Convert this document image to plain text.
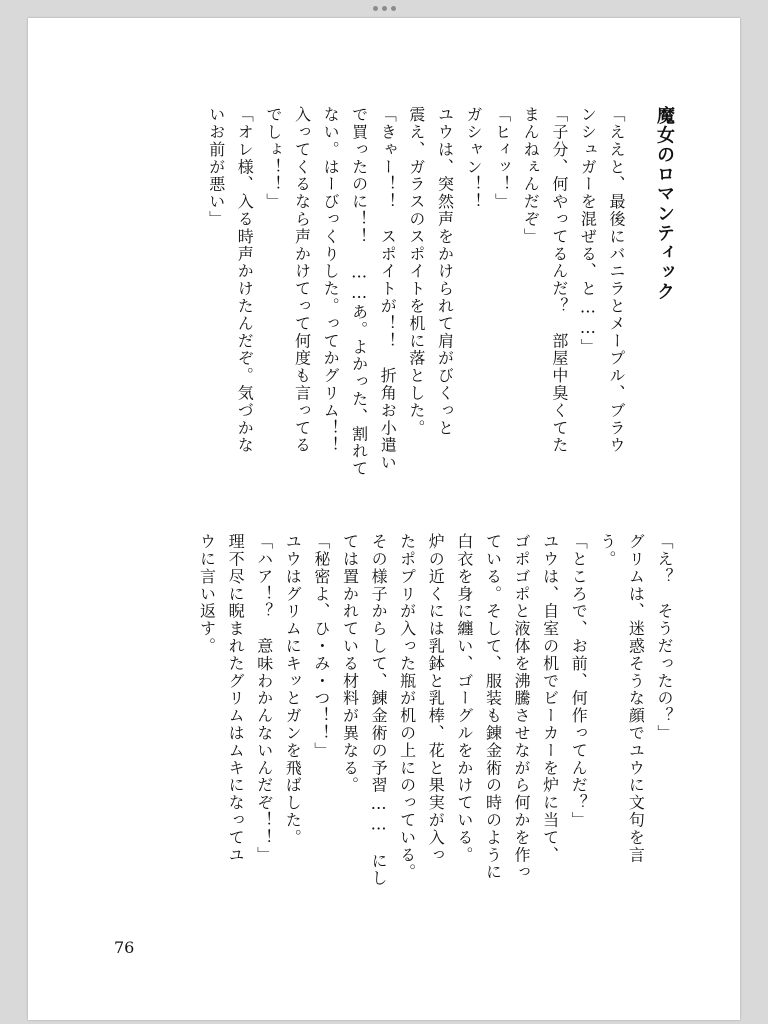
魔女のロマンティック
「ええと、最後にバニラとメープル、ブラウ
ンシュガーを混ぜる、と……」
「子分、何やってるんだ？　部屋中臭くてた
まんねぇんだぞ」
「ヒィッ！」
ガシャン！！
ユウは、突然声をかけられて肩がびくっと
震え、ガラスのスポイトを机に落とした。
「きゃー！！　スポイトが！！　折角お小遣い
で買ったのに！！　……あ。よかった、割れて
ない。はーびっくりした。ってかグリム！！
入ってくるなら声かけてって何度も言ってる
でしょ！！」
「オレ様、入る時声かけたんだぞ。気づかな
いお前が悪い」
「え？　そうだったの？」
グリムは、迷惑そうな顔でユウに文句を言
う。
「ところで、お前、何作ってんだ？」
ユウは、自室の机でビーカーを炉に当て、
ゴポゴポと液体を沸騰させながら何かを作っ
ている。そして、服装も錬金術の時のように
白衣を身に纏い、ゴーグルをかけている。
炉の近くには乳鉢と乳棒、花と果実が入っ
たポプリが入った瓶が机の上にのっている。
その様子からして、錬金術の予習……　にし
ては置かれている材料が異なる。
「秘密よ、ひ・み・つ！！」
ユウはグリムにキッとガンを飛ばした。
「ハア！？　意味わかんないんだぞ！！」
理不尽に睨まれたグリムはムキになってユ
ウに言い返す。
76
